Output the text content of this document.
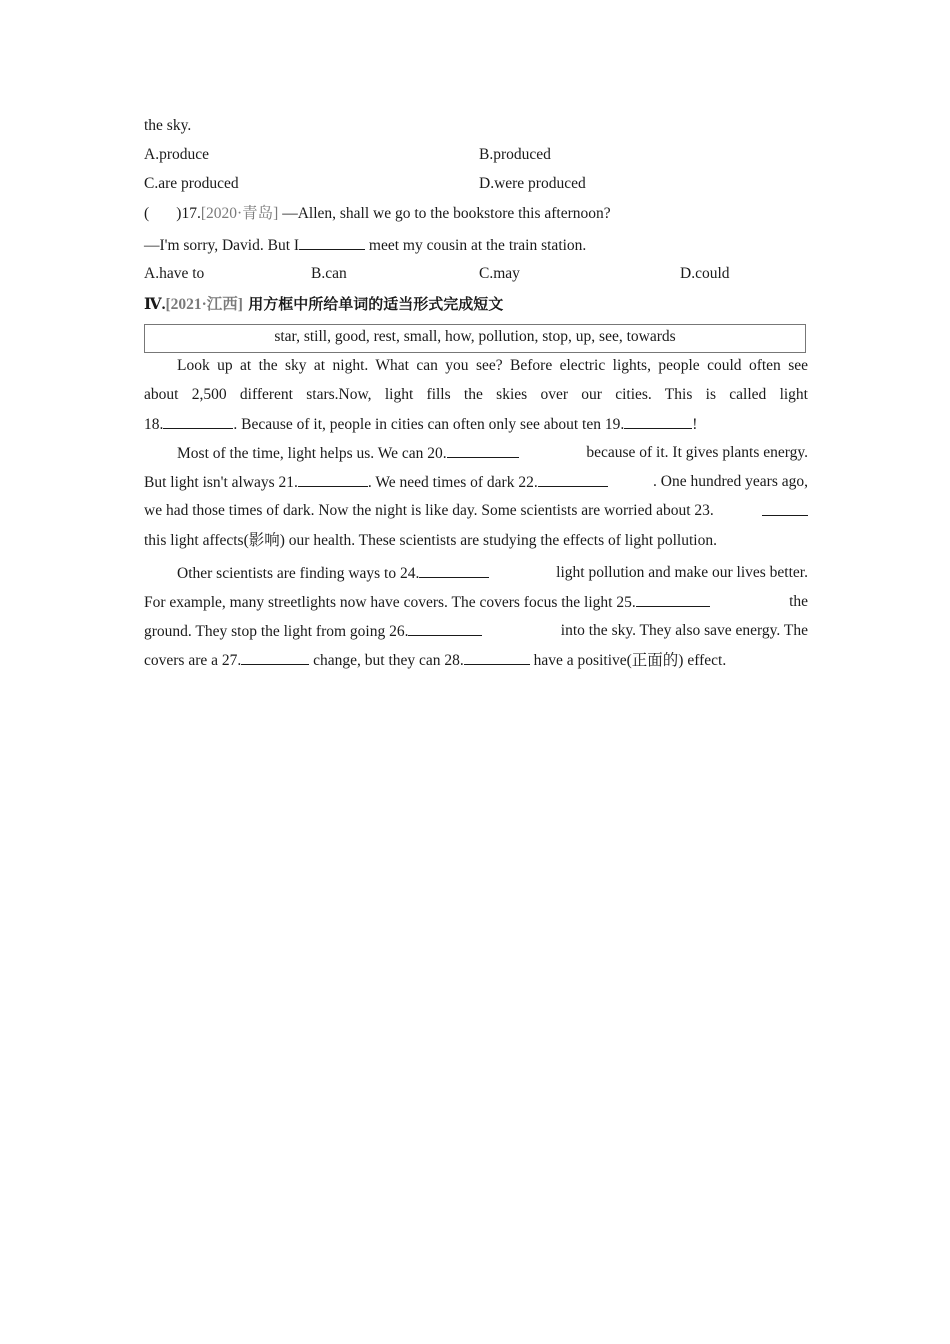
the sky.
A.produce	B.produced
C.are produced	D.were produced
(       )17.[2020·青岛] —Allen, shall we go to the bookstore this afternoon?
—I'm sorry, David. But I	meet my cousin at the train station.
A.have to	B.can	C.may	D.could
Ⅳ.[2021·江西] 用方框中所给单词的适当形式完成短文
star, still, good, rest, small, how, pollution, stop, up, see, towards
Look up at the sky at night. What can you see? Before electric lights, people could often see
about 2,500 different stars.Now, light fills the skies over our cities. This is called light
18.	. Because of it, people in cities can often only see about ten 19.	!
Most of the time, light helps us. We can 20.	because of it. It gives plants energy.
But light isn't always 21.	. We need times of dark 22.	. One hundred years ago,
we had those times of dark. Now the night is like day. Some scientists are worried about 23.
this light affects(影响) our health. These scientists are studying the effects of light pollution.
Other scientists are finding ways to 24.	light pollution and make our lives better.
For example, many streetlights now have covers. The covers focus the light 25.	the
ground. They stop the light from going 26.	into the sky. They also save energy. The
covers are a 27.	change, but they can 28.	have a positive(正面的) effect.
